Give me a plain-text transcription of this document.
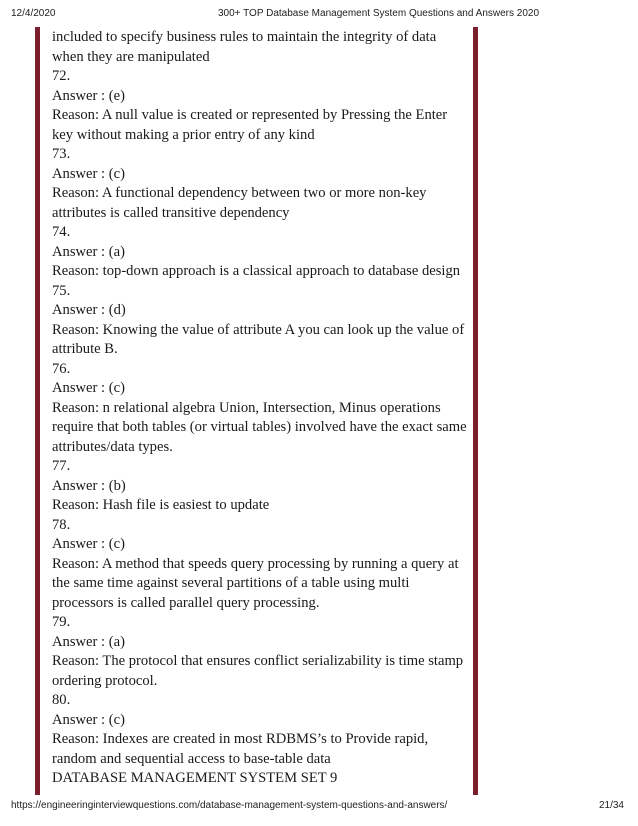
12/4/2020	300+ TOP Database Management System Questions and Answers 2020

included to specify business rules to maintain the integrity of data when they are manipulated

72.

Answer : (e)

Reason: A null value is created or represented by Pressing the Enter key without making a prior entry of any kind

73.

Answer : (c)

Reason: A functional dependency between two or more non-key attributes is called transitive dependency

74.

Answer : (a)

Reason: top-down approach is a classical approach to database design

75.

Answer : (d)

Reason: Knowing the value of attribute A you can look up the value of attribute B.

76.

Answer : (c)

Reason: n relational algebra Union, Intersection, Minus operations require that both tables (or virtual tables) involved have the exact same attributes/data types.

77.

Answer : (b)

Reason: Hash file is easiest to update

78.

Answer : (c)

Reason: A method that speeds query processing by running a query at the same time against several partitions of a table using multi processors is called parallel query processing.

79.

Answer : (a)

Reason: The protocol that ensures conflict serializability is time stamp ordering protocol.

80.

Answer : (c)

Reason: Indexes are created in most RDBMS’s to Provide rapid, random and sequential access to base-table data

DATABASE MANAGEMENT SYSTEM SET 9

https://engineeringinterviewquestions.com/database-management-system-questions-and-answers/	21/34
